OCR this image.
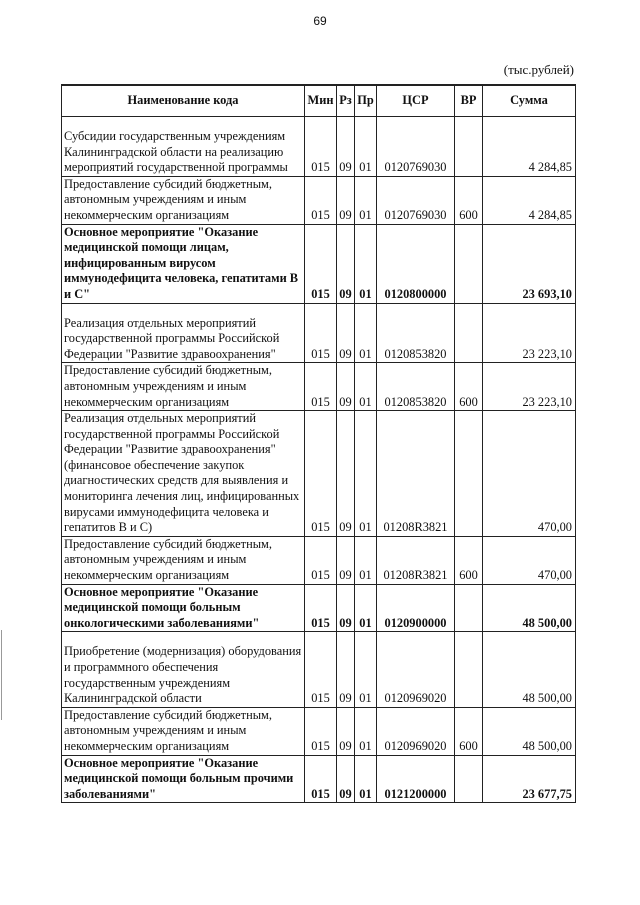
69
(тыс.рублей)
Наименование кода	Мин	Рз	Пр	ЦСР	ВР	Сумма

Субсидии государственным учреждениям Калининградской области на реализацию мероприятий государственной программы	015	09	01	0120769030		4 284,85
Предоставление субсидий бюджетным, автономным учреждениям и иным некоммерческим организациям	015	09	01	0120769030	600	4 284,85
Основное мероприятие "Оказание медицинской помощи лицам, инфицированным вирусом иммунодефицита человека, гепатитами В и С"	015	09	01	0120800000		23 693,10

Реализация отдельных мероприятий государственной программы Российской Федерации "Развитие здравоохранения"	015	09	01	0120853820		23 223,10
Предоставление субсидий бюджетным, автономным учреждениям и иным некоммерческим организациям	015	09	01	0120853820	600	23 223,10
Реализация отдельных мероприятий государственной программы Российской Федерации "Развитие здравоохранения" (финансовое обеспечение закупок диагностических средств для выявления и мониторинга лечения лиц, инфицированных вирусами иммунодефицита человека и гепатитов В и С)	015	09	01	01208R3821		470,00
Предоставление субсидий бюджетным, автономным учреждениям и иным некоммерческим организациям	015	09	01	01208R3821	600	470,00
Основное мероприятие "Оказание медицинской помощи больным онкологическими заболеваниями"	015	09	01	0120900000		48 500,00

Приобретение (модернизация) оборудования и программного обеспечения государственным учреждениям Калининградской области	015	09	01	0120969020		48 500,00
Предоставление субсидий бюджетным, автономным учреждениям и иным некоммерческим организациям	015	09	01	0120969020	600	48 500,00
Основное мероприятие "Оказание медицинской помощи больным прочими заболеваниями"	015	09	01	0121200000		23 677,75
